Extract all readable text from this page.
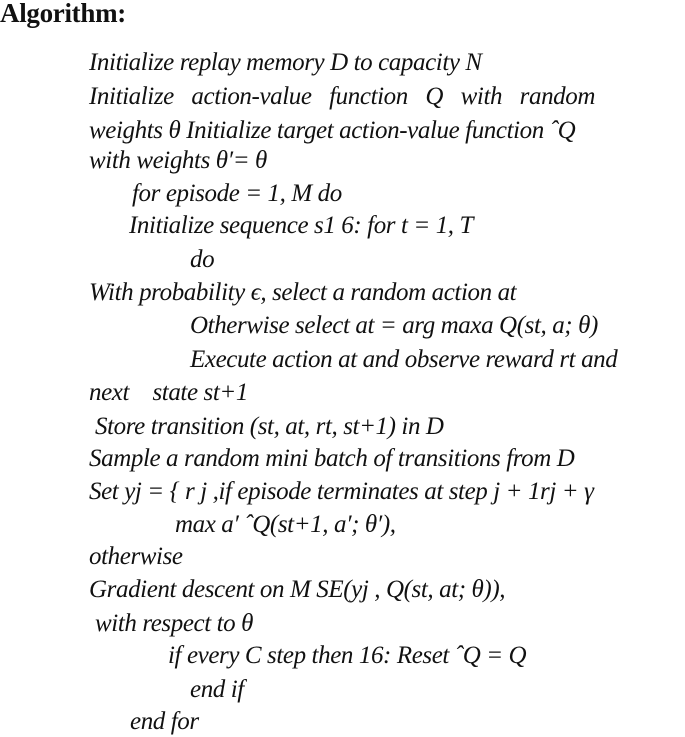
Algorithm:
Initialize replay memory D to capacity N
Initialize   action-value   function   Q   with   random
weights θ Initialize target action-value function ˆQ
with weights θ′= θ
for episode = 1, M do
Initialize sequence s1 6: for t = 1, T
do
With probability ϵ, select a random action at
Otherwise select at = arg maxa Q(st, a; θ)
Execute action at and observe reward rt and
next    state st+1
Store transition (st, at, rt, st+1) in D
Sample a random mini batch of transitions from D
Set yj = { r j ,if episode terminates at step j + 1rj + γ
max a′ ˆQ(st+1, a′; θ′),
otherwise
Gradient descent on M SE(yj , Q(st, at; θ)),
with respect to θ
if every C step then 16: Reset ˆQ = Q
end if
end for
